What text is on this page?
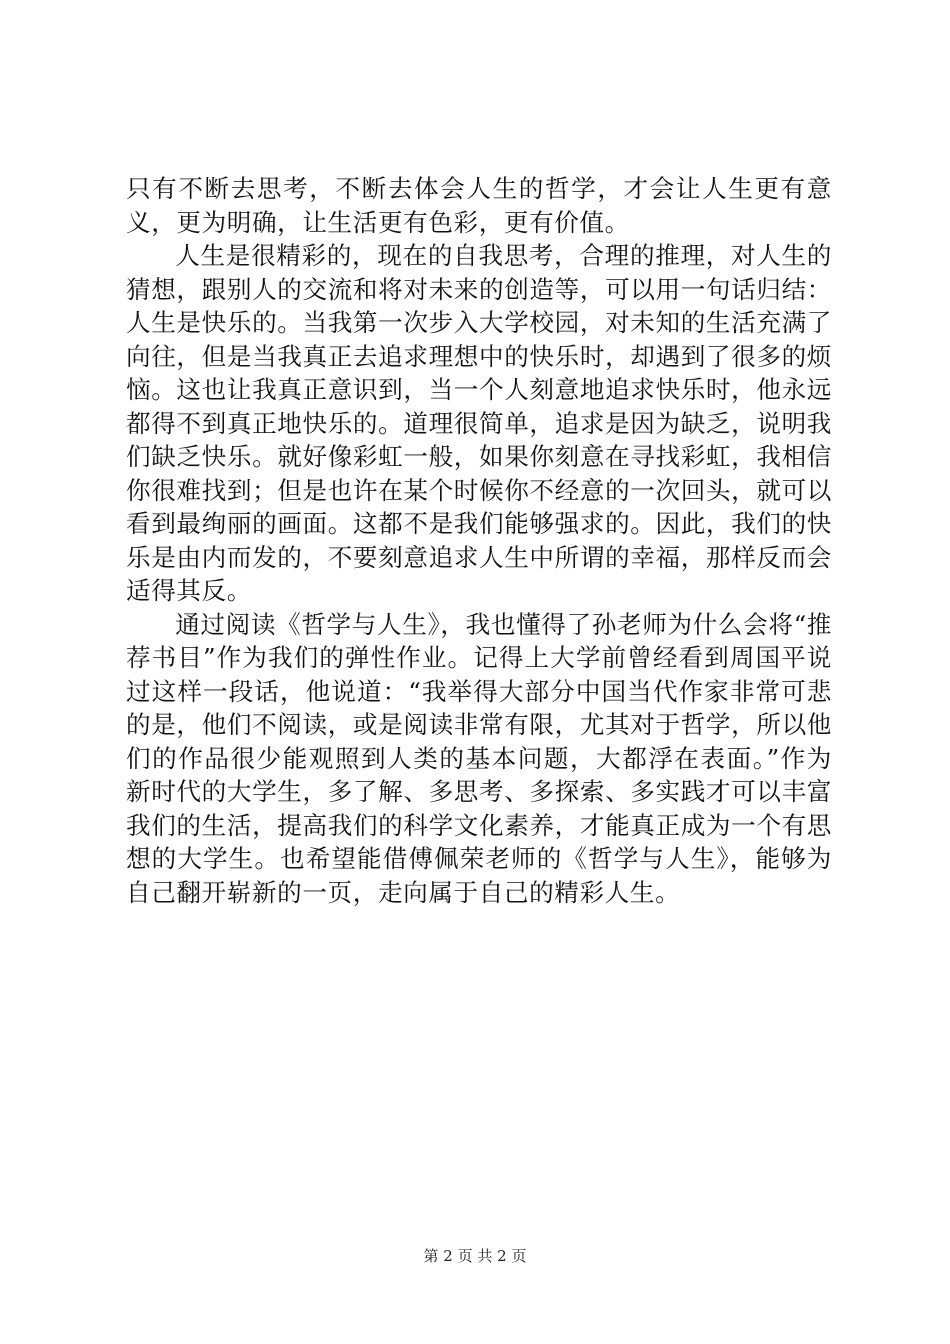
只有不断去思考，不断去体会人生的哲学，才会让人生更有意义，更为明确，让生活更有色彩，更有价值。

人生是很精彩的，现在的自我思考，合理的推理，对人生的猜想，跟别人的交流和将对未来的创造等，可以用一句话归结：人生是快乐的。当我第一次步入大学校园，对未知的生活充满了向往，但是当我真正去追求理想中的快乐时，却遇到了很多的烦恼。这也让我真正意识到，当一个人刻意地追求快乐时，他永远都得不到真正地快乐的。道理很简单，追求是因为缺乏，说明我们缺乏快乐。就好像彩虹一般，如果你刻意在寻找彩虹，我相信你很难找到；但是也许在某个时候你不经意的一次回头，就可以看到最绚丽的画面。这都不是我们能够强求的。因此，我们的快乐是由内而发的，不要刻意追求人生中所谓的幸福，那样反而会适得其反。

通过阅读《哲学与人生》，我也懂得了孙老师为什么会将“推荐书目”作为我们的弹性作业。记得上大学前曾经看到周国平说过这样一段话，他说道：“我举得大部分中国当代作家非常可悲的是，他们不阅读，或是阅读非常有限，尤其对于哲学，所以他们的作品很少能观照到人类的基本问题，大都浮在表面。”作为新时代的大学生，多了解、多思考、多探索、多实践才可以丰富我们的生活，提高我们的科学文化素养，才能真正成为一个有思想的大学生。也希望能借傅佩荣老师的《哲学与人生》，能够为自己翻开崭新的一页，走向属于自己的精彩人生。

第 2 页 共 2 页
